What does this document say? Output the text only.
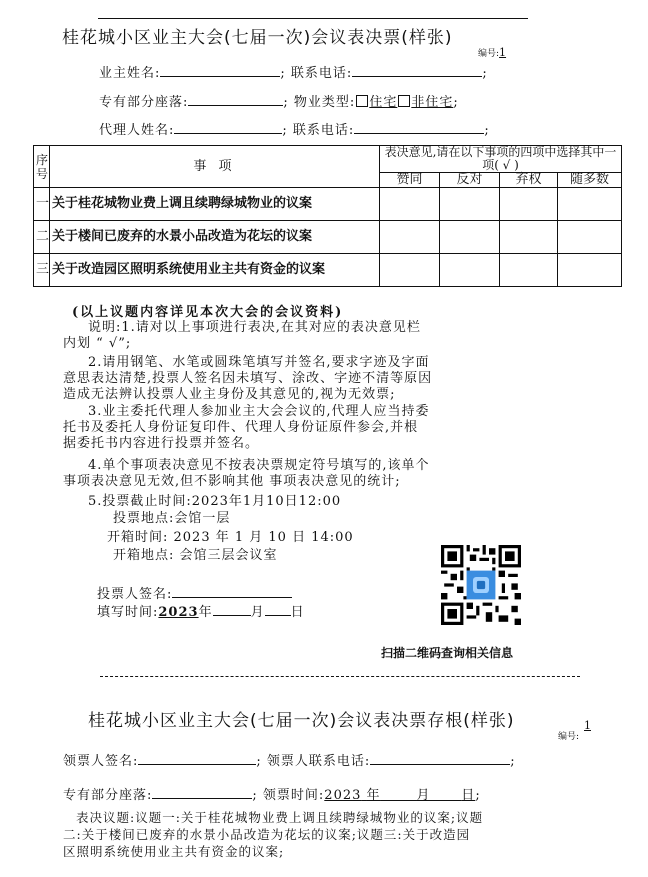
桂花城小区业主大会(七届一次)会议表决票(样张)
编号:1
业主姓名:	; 联系电话:	;
专有部分座落:	; 物业类型: 住宅 非住宅;
代理人姓名:	; 联系电话:	;
序号	事 项	表决意见,请在以下事项的四项中选择其中一项( √ )			
		赞同	反对	弃权	随多数
一	关于桂花城物业费上调且续聘绿城物业的议案				
二	关于楼间已废弃的水景小品改造为花坛的议案				
三	关于改造园区照明系统使用业主共有资金的议案				
(以上议题内容详见本次大会的会议资料)
说明:1.请对以上事项进行表决,在其对应的表决意见栏
内划 “ √”;
2.请用钢笔、水笔或圆珠笔填写并签名,要求字迹及字面
意思表达清楚,投票人签名因未填写、涂改、字迹不清等原因
造成无法辨认投票人业主身份及其意见的,视为无效票;
3.业主委托代理人参加业主大会会议的,代理人应当持委
托书及委托人身份证复印件、代理人身份证原件参会,并根
据委托书内容进行投票并签名。
4.单个事项表决意见不按表决票规定符号填写的,该单个
事项表决意见无效,但不影响其他 事项表决意见的统计;
5.投票截止时间:2023年1月10日12:00
投票地点:会馆一层
开箱时间: 2023 年 1 月 10 日 14:00
开箱地点: 会馆三层会议室
投票人签名:
填写时间:2023年	月 日
扫描二维码查询相关信息
桂花城小区业主大会(七届一次)会议表决票存根(样张)	1
编号:
领票人签名:	; 领票人联系电话:	;
专有部分座落:	; 领票时间:2023 年	月 日;
表决议题:议题一:关于桂花城物业费上调且续聘绿城物业的议案;议题
二:关于楼间已废弃的水景小品改造为花坛的议案;议题三:关于改造园
区照明系统使用业主共有资金的议案;
